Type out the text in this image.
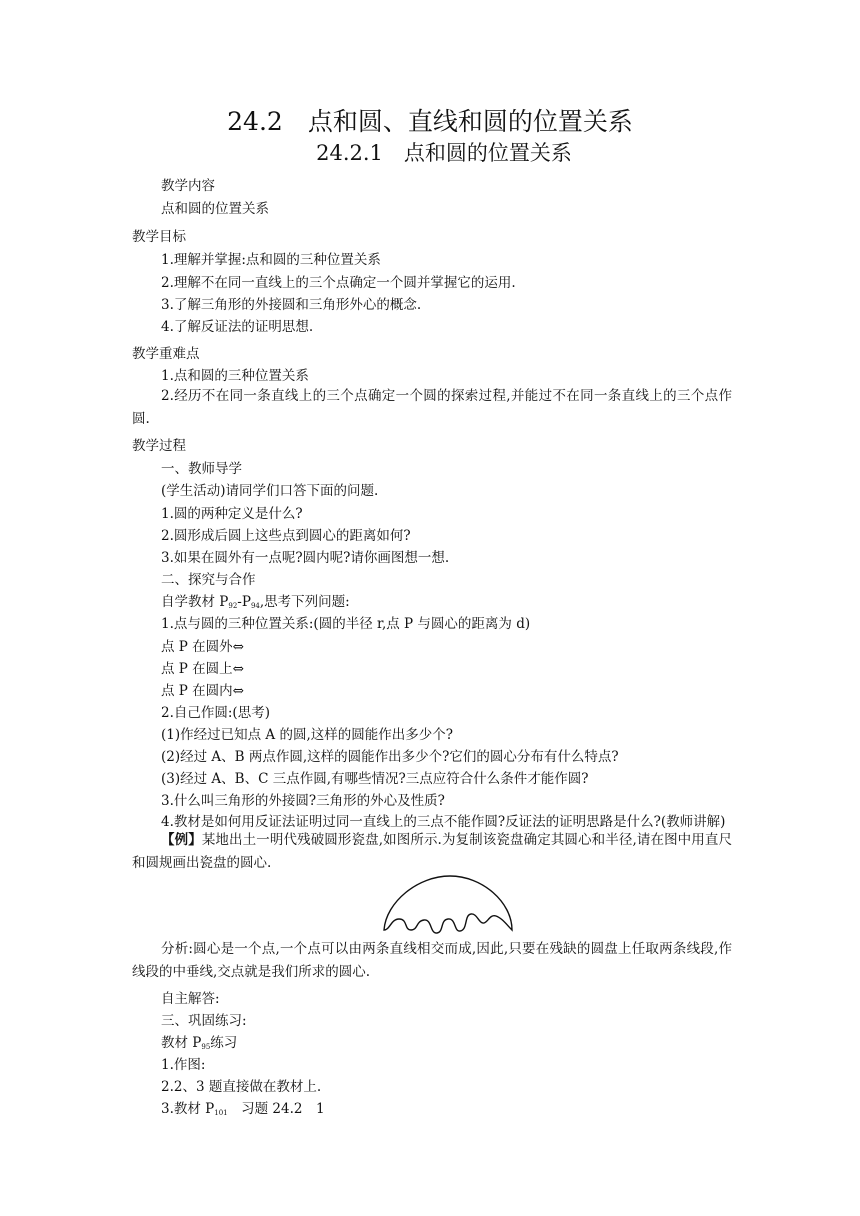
24.2　点和圆、直线和圆的位置关系
24.2.1　点和圆的位置关系
教学内容
点和圆的位置关系
教学目标
1.理解并掌握:点和圆的三种位置关系
2.理解不在同一直线上的三个点确定一个圆并掌握它的运用.
3.了解三角形的外接圆和三角形外心的概念.
4.了解反证法的证明思想.
教学重难点
1.点和圆的三种位置关系
2.经历不在同一条直线上的三个点确定一个圆的探索过程,并能过不在同一条直线上的三个点作圆.
教学过程
一、教师导学
(学生活动)请同学们口答下面的问题.
1.圆的两种定义是什么?
2.圆形成后圆上这些点到圆心的距离如何?
3.如果在圆外有一点呢?圆内呢?请你画图想一想.
二、探究与合作
自学教材 $P_{92}-P_{94}$,思考下列问题:
1.点与圆的三种位置关系:(圆的半径 r,点 P 与圆心的距离为 d)
点 P 在圆外⇔
点 P 在圆上⇔
点 P 在圆内⇔
2.自己作圆:(思考)
(1)作经过已知点 A 的圆,这样的圆能作出多少个?
(2)经过 A、B 两点作圆,这样的圆能作出多少个?它们的圆心分布有什么特点?
(3)经过 A、B、C 三点作圆,有哪些情况?三点应符合什么条件才能作圆?
3.什么叫三角形的外接圆?三角形的外心及性质?
4.教材是如何用反证法证明过同一直线上的三点不能作圆?反证法的证明思路是什么?(教师讲解)
【例】某地出土一明代残破圆形瓷盘,如图所示.为复制该瓷盘确定其圆心和半径,请在图中用直尺和圆规画出瓷盘的圆心.
分析:圆心是一个点,一个点可以由两条直线相交而成,因此,只要在残缺的圆盘上任取两条线段,作线段的中垂线,交点就是我们所求的圆心.
自主解答:
三、巩固练习:
教材 $P_{95}$练习
1.作图:
2.2、3 题直接做在教材上.
3.教材 $P_{101}$　习题 24.2　1
